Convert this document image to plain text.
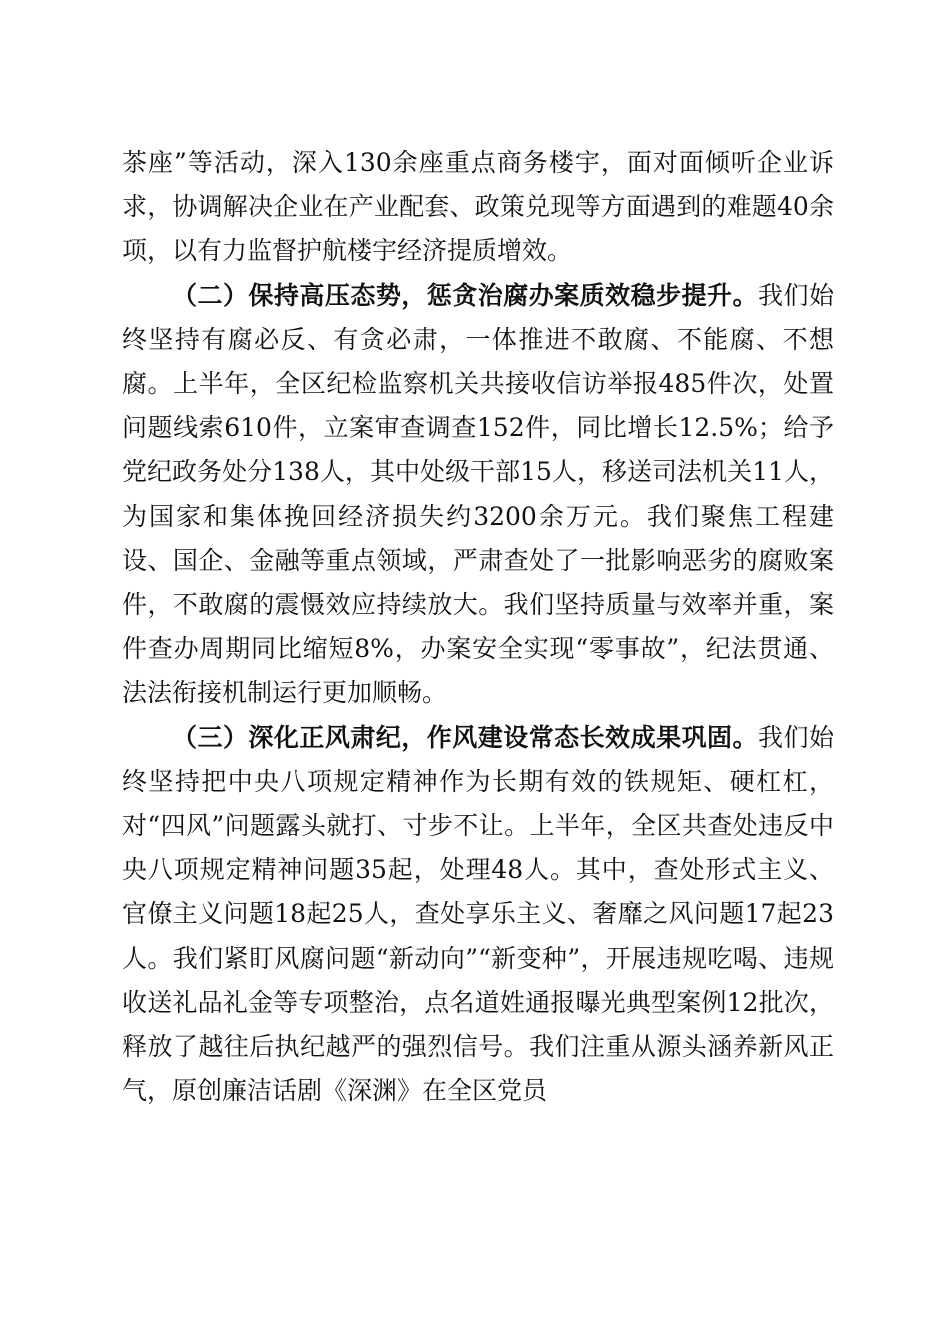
茶座”等活动，深入130余座重点商务楼宇，面对面倾听企业诉求，协调解决企业在产业配套、政策兑现等方面遇到的难题40余项，以有力监督护航楼宇经济提质增效。

（二）保持高压态势，惩贪治腐办案质效稳步提升。我们始终坚持有腐必反、有贪必肃，一体推进不敢腐、不能腐、不想腐。上半年，全区纪检监察机关共接收信访举报485件次，处置问题线索610件，立案审查调查152件，同比增长12.5%；给予党纪政务处分138人，其中处级干部15人，移送司法机关11人，为国家和集体挽回经济损失约3200余万元。我们聚焦工程建设、国企、金融等重点领域，严肃查处了一批影响恶劣的腐败案件，不敢腐的震慑效应持续放大。我们坚持质量与效率并重，案件查办周期同比缩短8%，办案安全实现“零事故”，纪法贯通、法法衔接机制运行更加顺畅。

（三）深化正风肃纪，作风建设常态长效成果巩固。我们始终坚持把中央八项规定精神作为长期有效的铁规矩、硬杠杠，对“四风”问题露头就打、寸步不让。上半年，全区共查处违反中央八项规定精神问题35起，处理48人。其中，查处形式主义、官僚主义问题18起25人，查处享乐主义、奢靡之风问题17起23人。我们紧盯风腐问题“新动向”“新变种”，开展违规吃喝、违规收送礼品礼金等专项整治，点名道姓通报曝光典型案例12批次，释放了越往后执纪越严的强烈信号。我们注重从源头涵养新风正气，原创廉洁话剧《深渊》在全区党员
